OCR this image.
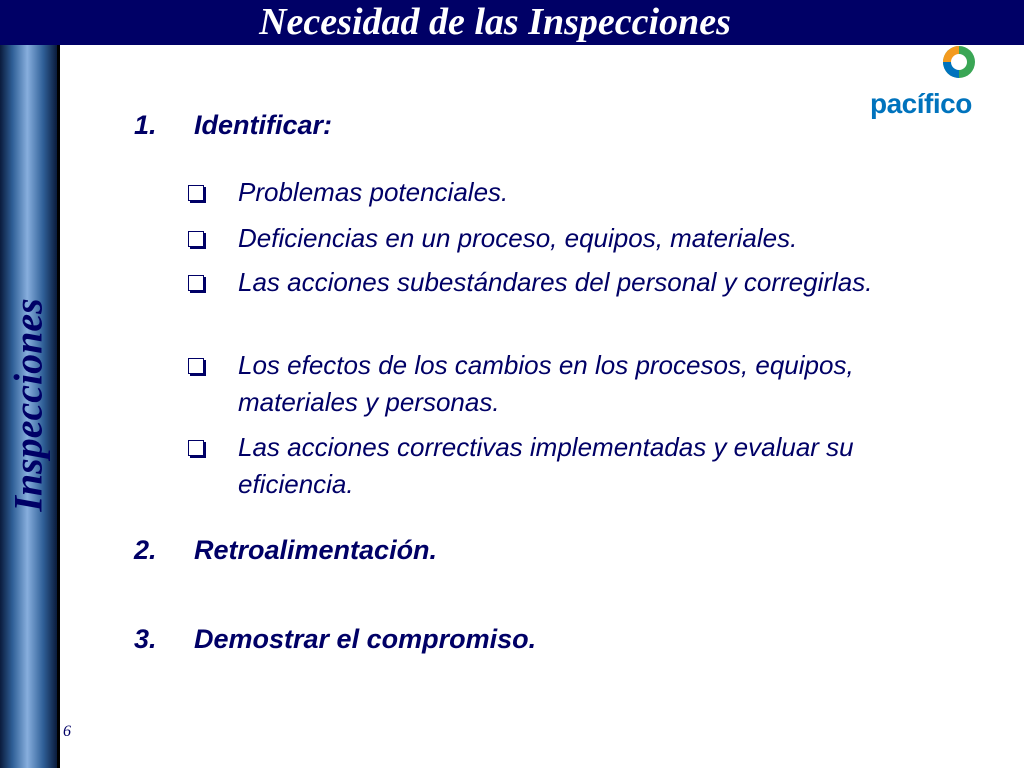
Necesidad de las Inspecciones
Inspecciones
pacífico
1. Identificar:
Problemas potenciales.
Deficiencias en un proceso, equipos, materiales.
Las acciones subestándares del personal y corregirlas.
Los efectos de los cambios en los procesos, equipos, materiales y personas.
Las acciones correctivas implementadas y evaluar su eficiencia.
2. Retroalimentación.
3. Demostrar el compromiso.
6
